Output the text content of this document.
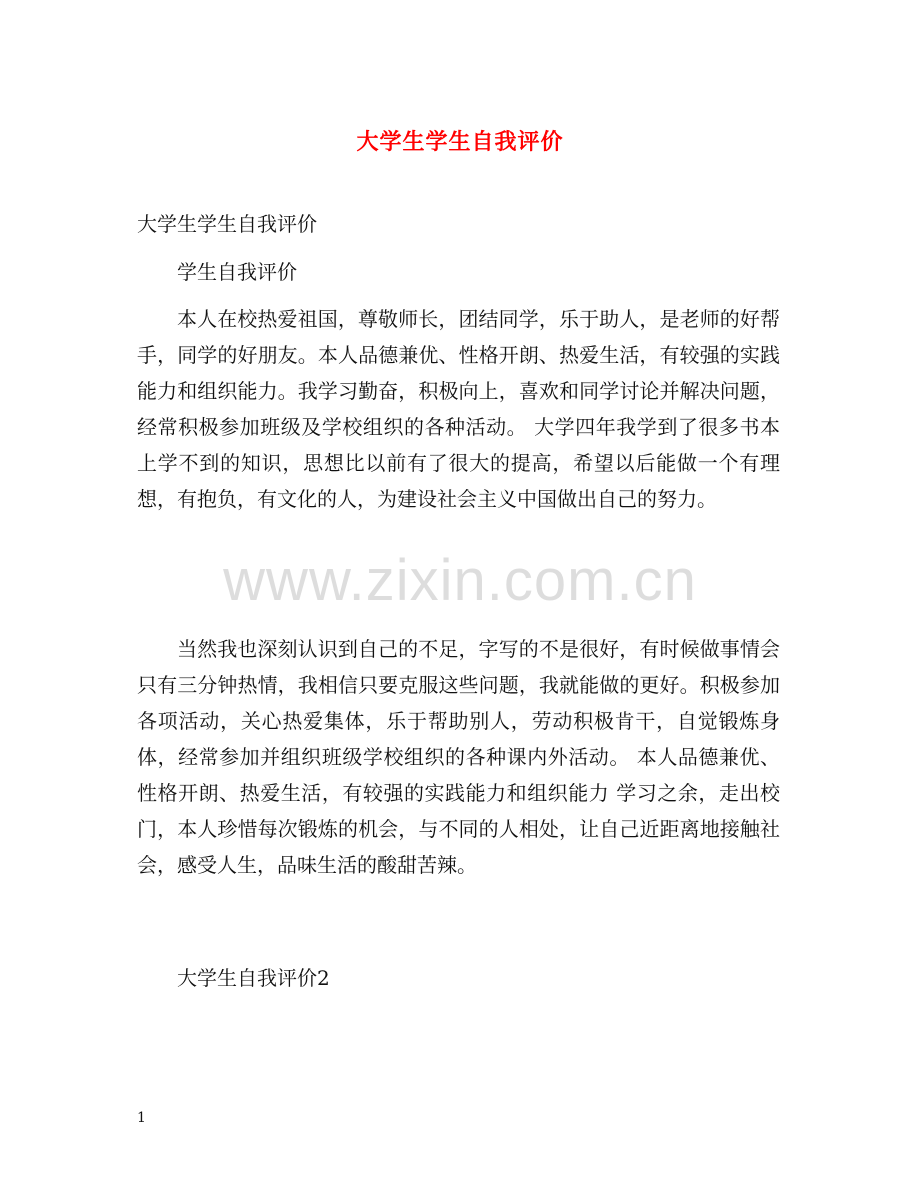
大学生学生自我评价

大学生学生自我评价

学生自我评价

本人在校热爱祖国，尊敬师长，团结同学，乐于助人，是老师的好帮手，同学的好朋友。本人品德兼优、性格开朗、热爱生活，有较强的实践能力和组织能力。我学习勤奋，积极向上，喜欢和同学讨论并解决问题，经常积极参加班级及学校组织的各种活动。 大学四年我学到了很多书本上学不到的知识，思想比以前有了很大的提高，希望以后能做一个有理想，有抱负，有文化的人，为建设社会主义中国做出自己的努力。

当然我也深刻认识到自己的不足，字写的不是很好，有时候做事情会只有三分钟热情，我相信只要克服这些问题，我就能做的更好。积极参加各项活动，关心热爱集体，乐于帮助别人，劳动积极肯干，自觉锻炼身体，经常参加并组织班级学校组织的各种课内外活动。 本人品德兼优、性格开朗、热爱生活，有较强的实践能力和组织能力 学习之余，走出校门，本人珍惜每次锻炼的机会，与不同的人相处，让自己近距离地接触社会，感受人生，品味生活的酸甜苦辣。

大学生自我评价2

www.zixin.com.cn
1
